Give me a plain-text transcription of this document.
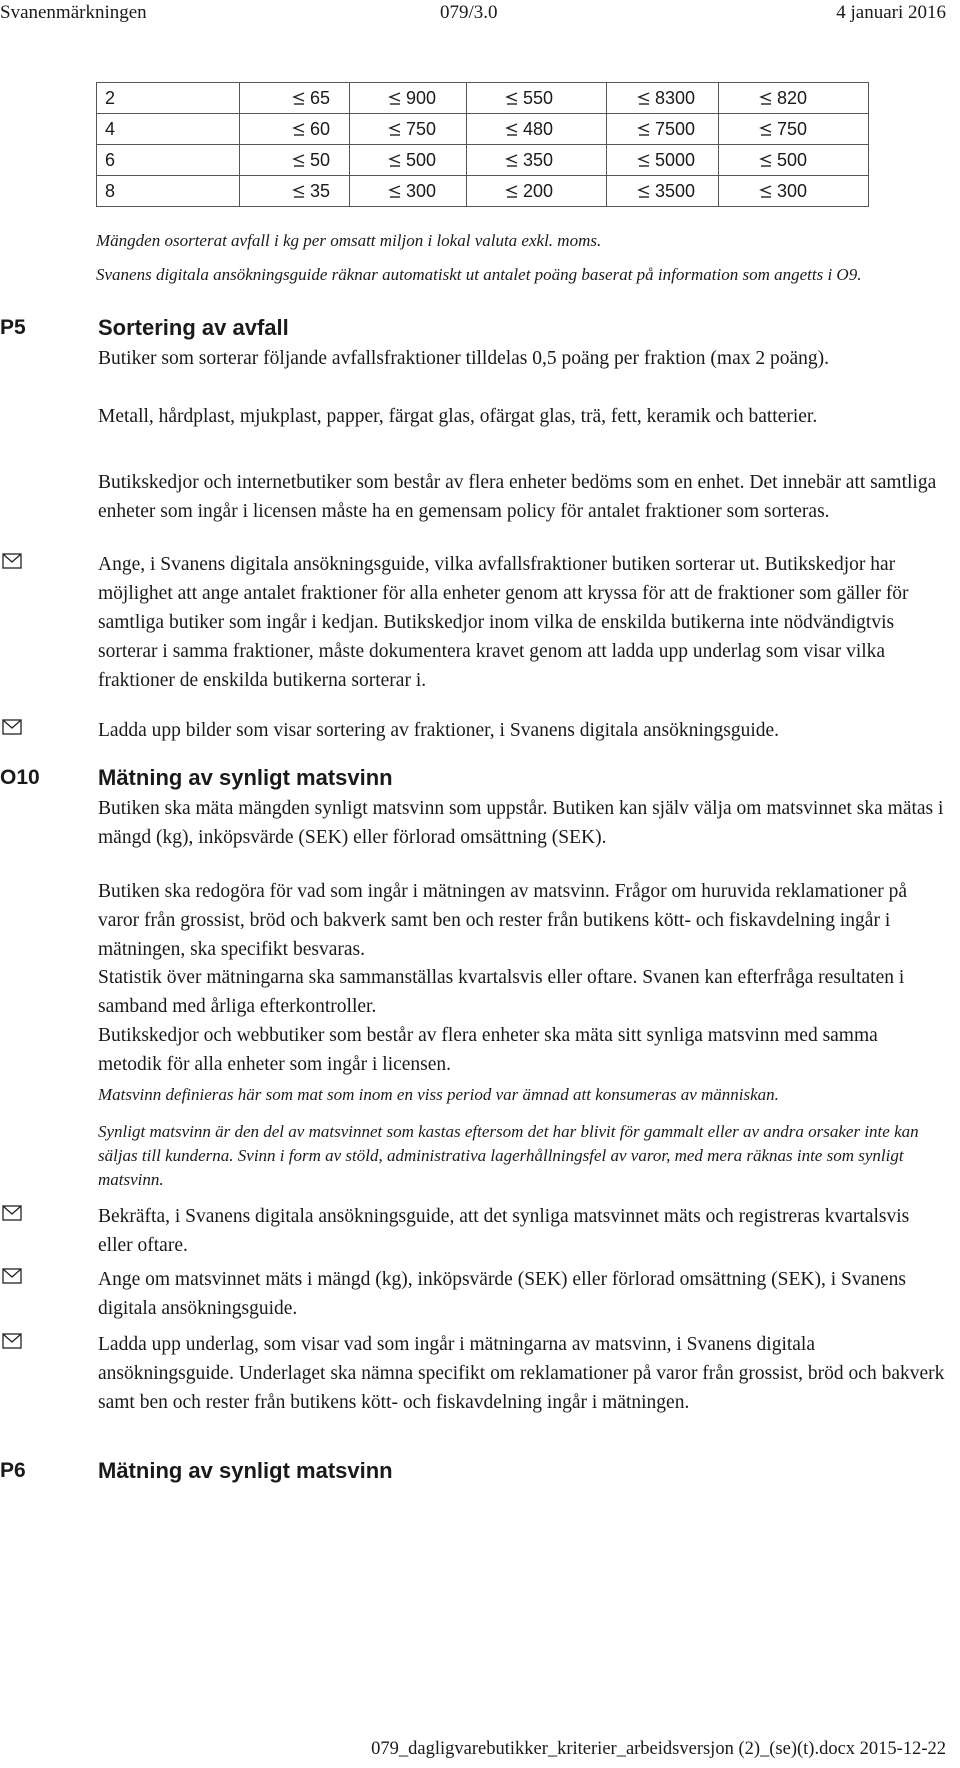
Svanenmärkningen	079/3.0	4 januari 2016
2	65	900	550	8300	820
4	60	750	480	7500	750
6	50	500	350	5000	500
8	35	300	200	3500	300
Mängden osorterat avfall i kg per omsatt miljon i lokal valuta exkl. moms.
Svanens digitala ansökningsguide räknar automatiskt ut antalet poäng baserat på information som angetts i O9.
P5	Sortering av avfall

Butiker som sorterar följande avfallsfraktioner tilldelas 0,5 poäng per fraktion (max 2 poäng).

Metall, hårdplast, mjukplast, papper, färgat glas, ofärgat glas, trä, fett, keramik och batterier.

Butikskedjor och internetbutiker som består av flera enheter bedöms som en enhet. Det innebär att samtliga enheter som ingår i licensen måste ha en gemensam policy för antalet fraktioner som sorteras.

Ange, i Svanens digitala ansökningsguide, vilka avfallsfraktioner butiken sorterar ut. Butikskedjor har möjlighet att ange antalet fraktioner för alla enheter genom att kryssa för att de fraktioner som gäller för samtliga butiker som ingår i kedjan. Butikskedjor inom vilka de enskilda butikerna inte nödvändigtvis sorterar i samma fraktioner, måste dokumentera kravet genom att ladda upp underlag som visar vilka fraktioner de enskilda butikerna sorterar i.

Ladda upp bilder som visar sortering av fraktioner, i Svanens digitala ansökningsguide.

O10	Mätning av synligt matsvinn

Butiken ska mäta mängden synligt matsvinn som uppstår. Butiken kan själv välja om matsvinnet ska mätas i mängd (kg), inköpsvärde (SEK) eller förlorad omsättning (SEK).

Butiken ska redogöra för vad som ingår i mätningen av matsvinn. Frågor om huruvida reklamationer på varor från grossist, bröd och bakverk samt ben och rester från butikens kött- och fiskavdelning ingår i mätningen, ska specifikt besvaras.

Statistik över mätningarna ska sammanställas kvartalsvis eller oftare. Svanen kan efterfråga resultaten i samband med årliga efterkontroller.

Butikskedjor och webbutiker som består av flera enheter ska mäta sitt synliga matsvinn med samma metodik för alla enheter som ingår i licensen.

Matsvinn definieras här som mat som inom en viss period var ämnad att konsumeras av människan.

Synligt matsvinn är den del av matsvinnet som kastas eftersom det har blivit för gammalt eller av andra orsaker inte kan säljas till kunderna. Svinn i form av stöld, administrativa lagerhållningsfel av varor, med mera räknas inte som synligt matsvinn.

Bekräfta, i Svanens digitala ansökningsguide, att det synliga matsvinnet mäts och registreras kvartalsvis eller oftare.

Ange om matsvinnet mäts i mängd (kg), inköpsvärde (SEK) eller förlorad omsättning (SEK), i Svanens digitala ansökningsguide.

Ladda upp underlag, som visar vad som ingår i mätningarna av matsvinn, i Svanens digitala ansökningsguide. Underlaget ska nämna specifikt om reklamationer på varor från grossist, bröd och bakverk samt ben och rester från butikens kött- och fiskavdelning ingår i mätningen.

P6	Mätning av synligt matsvinn
079_dagligvarebutikker_kriterier_arbeidsversjon (2)_(se)(t).docx 2015-12-22
